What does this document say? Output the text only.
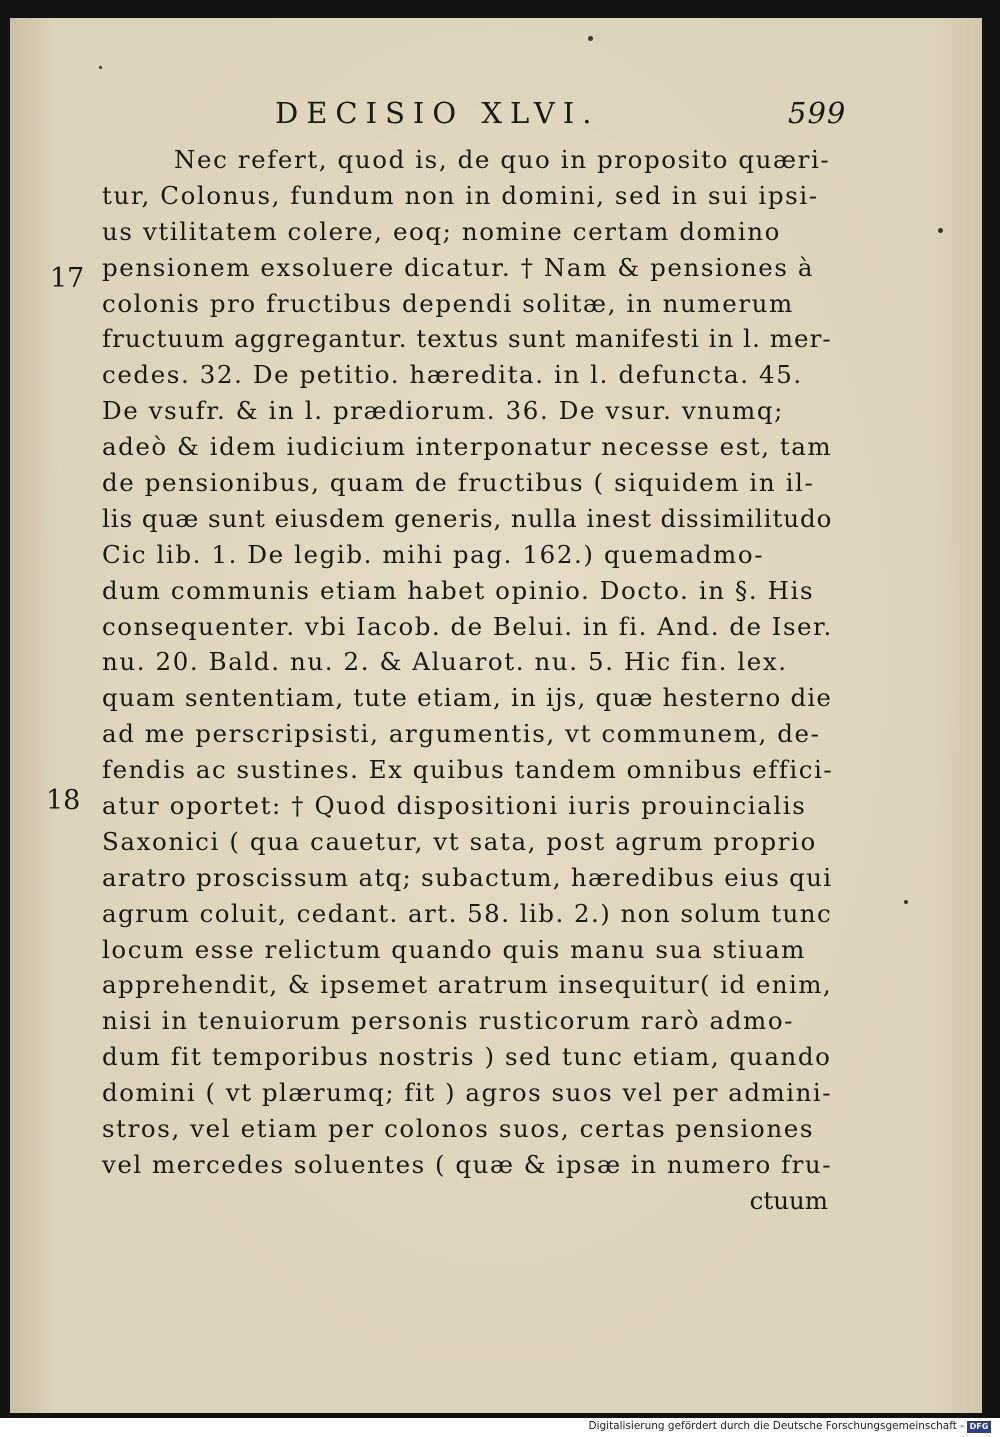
DECISIO XLVI.	599
17
18
Nec refert, quod is, de quo in proposito quæri-
tur, Colonus, fundum non in domini, sed in sui ipsi-
us vtilitatem colere, eoq; nomine certam domino
pensionem exsoluere dicatur. † Nam & pensiones à
colonis pro fructibus dependi solitæ, in numerum
fructuum aggregantur. textus sunt manifesti in l. mer-
cedes. 32. De petitio. hæredita. in l. defuncta. 45.
De vsufr. & in l. prædiorum. 36. De vsur. vnumq;
adeò & idem iudicium interponatur necesse est, tam
de pensionibus, quam de fructibus ( siquidem in il-
lis quæ sunt eiusdem generis, nulla inest dissimilitudo
Cic lib. 1. De legib. mihi pag. 162.) quemadmo-
dum communis etiam habet opinio. Docto. in §. His
consequenter. vbi Iacob. de Belui. in fi. And. de Iser.
nu. 20. Bald. nu. 2. & Aluarot. nu. 5. Hic fin. lex.
quam sententiam, tute etiam, in ijs, quæ hesterno die
ad me perscripsisti, argumentis, vt communem, de-
fendis ac sustines. Ex quibus tandem omnibus effici-
atur oportet: † Quod dispositioni iuris prouincialis
Saxonici ( qua cauetur, vt sata, post agrum proprio
aratro proscissum atq; subactum, hæredibus eius qui
agrum coluit, cedant. art. 58. lib. 2.) non solum tunc
locum esse relictum quando quis manu sua stiuam
apprehendit, & ipsemet aratrum insequitur( id enim,
nisi in tenuiorum personis rusticorum rarò admo-
dum fit temporibus nostris ) sed tunc etiam, quando
domini ( vt plærumq; fit ) agros suos vel per admini-
stros, vel etiam per colonos suos, certas pensiones
vel mercedes soluentes ( quæ & ipsæ in numero fru-
ctuum
Digitalisierung gefördert durch die Deutsche Forschungsgemeinschaft - DFG
